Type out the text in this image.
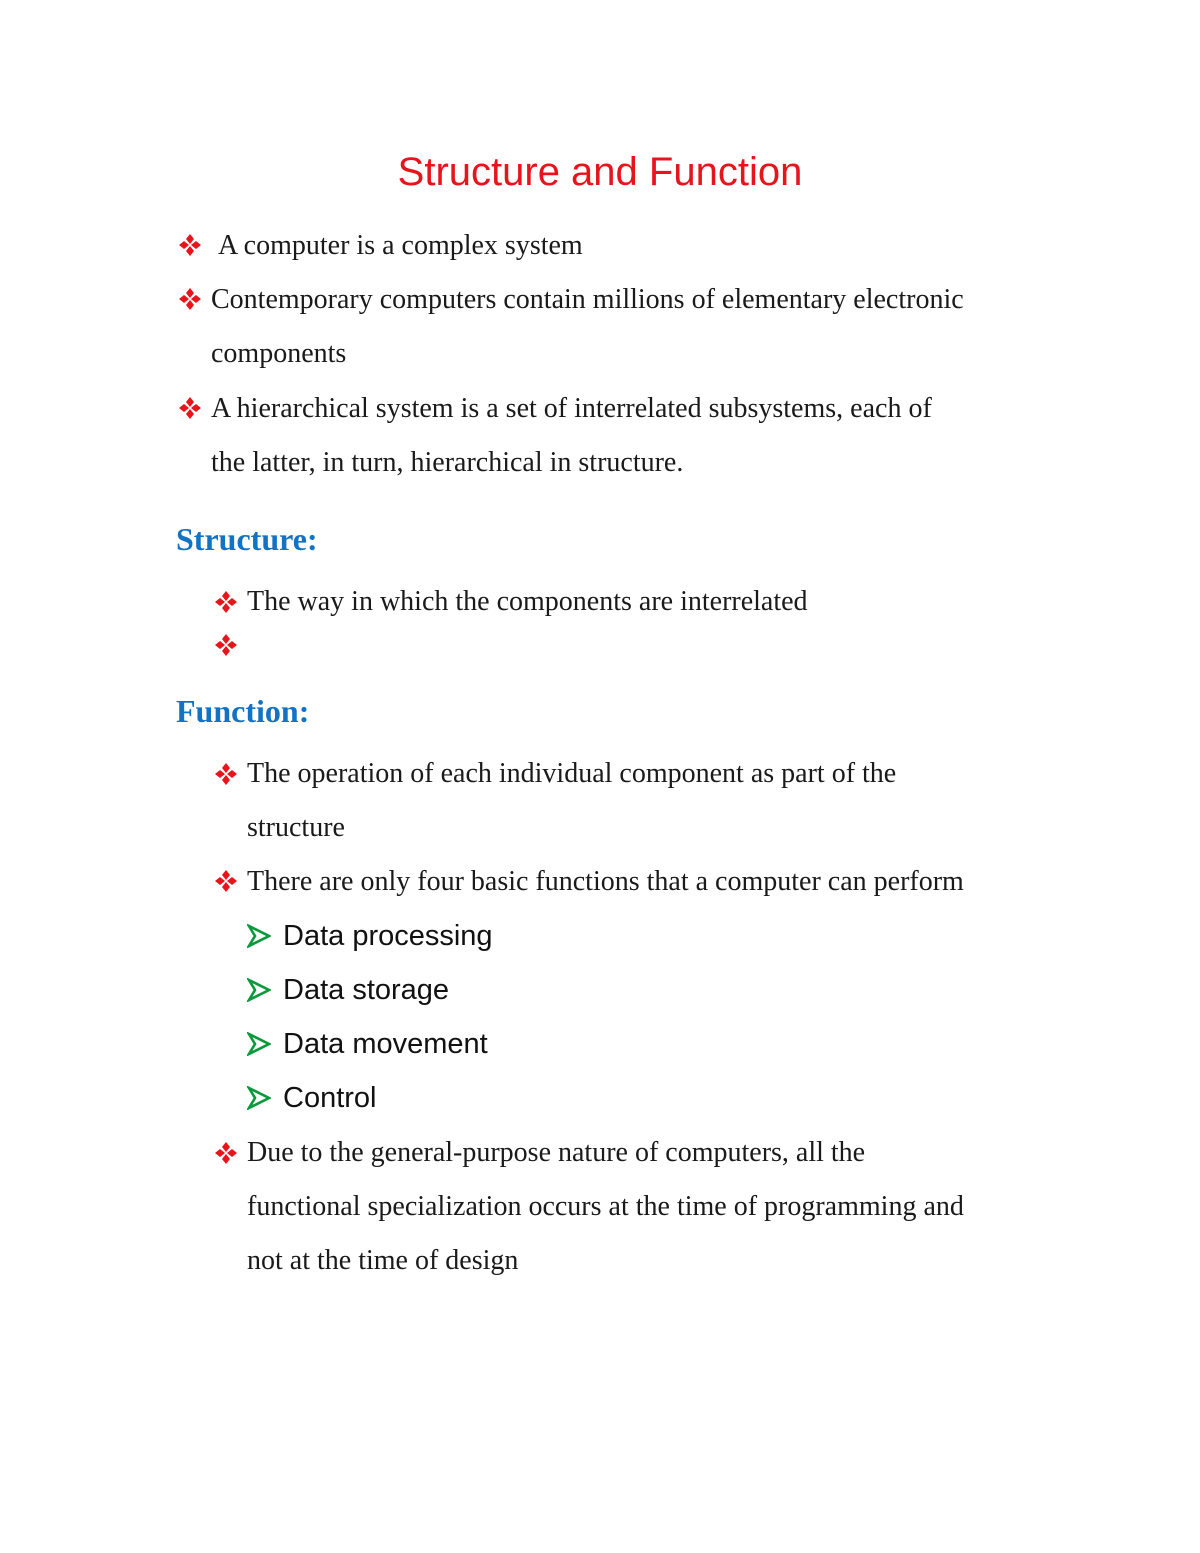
Structure and Function
A computer is a complex system
Contemporary computers contain millions of elementary electronic
components
A hierarchical system is a set of interrelated subsystems, each of
the latter, in turn, hierarchical in structure.
Structure:
The way in which the components are interrelated
Function:
The operation of each individual component as part of the
structure
There are only four basic functions that a computer can perform
Data processing
Data storage
Data movement
Control
Due to the general-purpose nature of computers, all the
functional specialization occurs at the time of programming and
not at the time of design
